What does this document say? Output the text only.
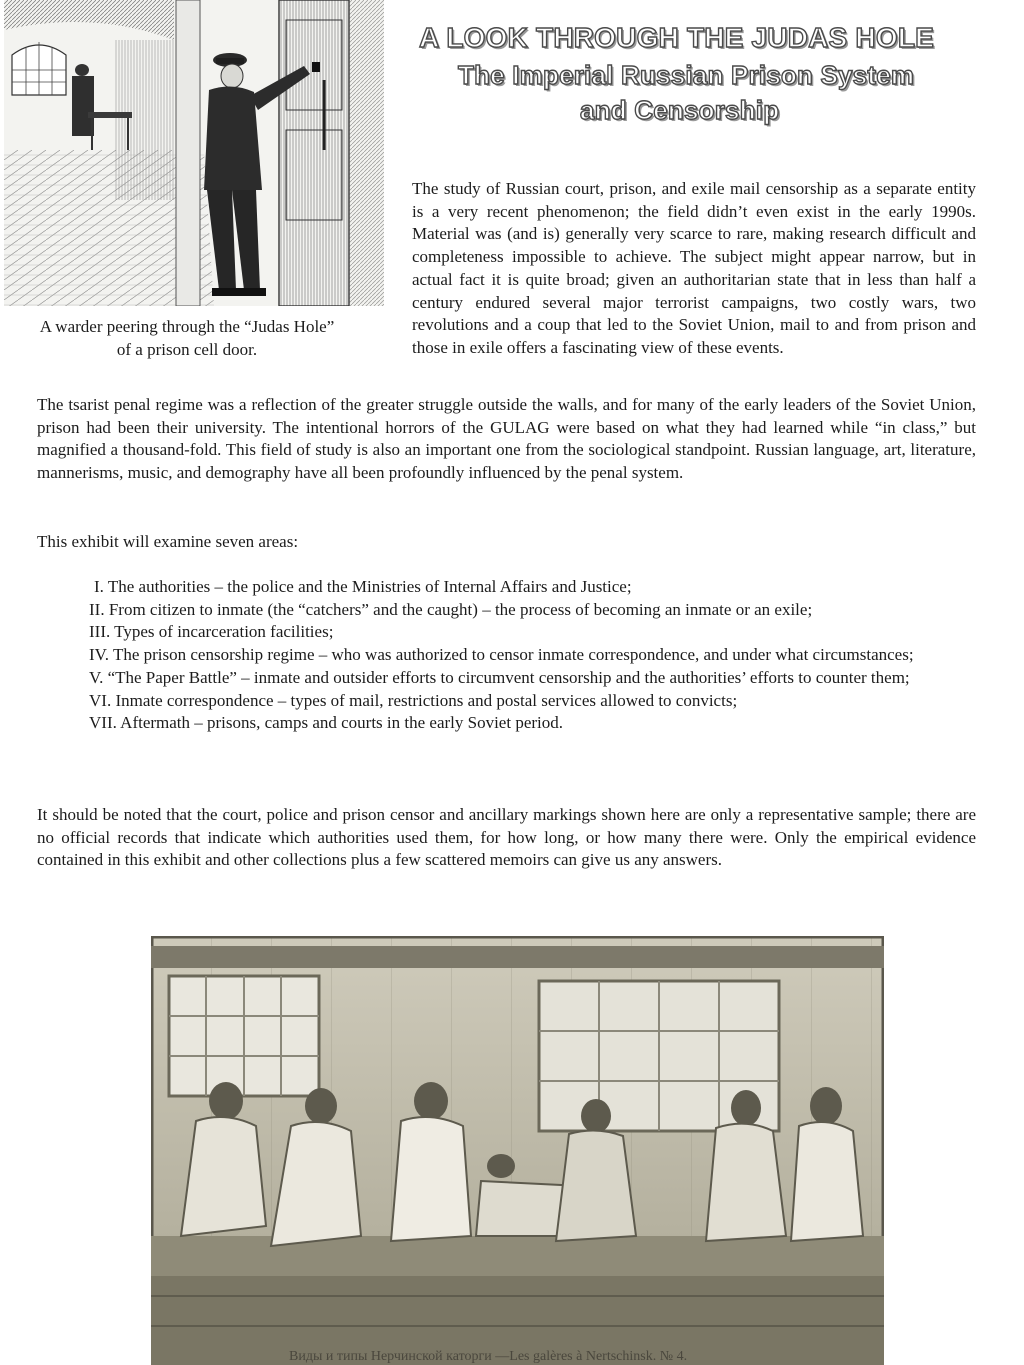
A warder peering through the “Judas Hole”
of a prison cell door.
A LOOK THROUGH THE JUDAS HOLE
The Imperial Russian Prison System
and Censorship

The study of Russian court, prison, and exile mail censorship as a separate entity is a very recent phenomenon; the field didn’t even exist in the early 1990s. Material was (and is) generally very scarce to rare, making research difficult and completeness impossible to achieve. The subject might appear narrow, but in actual fact it is quite broad; given an authoritarian state that in less than half a century endured several major terrorist campaigns, two costly wars, two revolutions and a coup that led to the Soviet Union, mail to and from prison and those in exile offers a fascinating view of these events.

The tsarist penal regime was a reflection of the greater struggle outside the walls, and for many of the early leaders of the Soviet Union, prison had been their university. The intentional horrors of the GULAG were based on what they had learned while “in class,” but magnified a thousand-fold. This field of study is also an important one from the sociological standpoint. Russian language, art, literature, mannerisms, music, and demography have all been profoundly influenced by the penal system.

This exhibit will examine seven areas:

I. The authorities – the police and the Ministries of Internal Affairs and Justice;
II. From citizen to inmate (the “catchers” and the caught) – the process of becoming an inmate or an exile;
III. Types of incarceration facilities;
IV. The prison censorship regime – who was authorized to censor inmate correspondence, and under what circumstances;
V. “The Paper Battle” – inmate and outsider efforts to circumvent censorship and the authorities’ efforts to counter them;
VI. Inmate correspondence – types of mail, restrictions and postal services allowed to convicts;
VII. Aftermath – prisons, camps and courts in the early Soviet period.

It should be noted that the court, police and prison censor and ancillary markings shown here are only a representative sample; there are no official records that indicate which authorities used them, for how long, or how many there were. Only the empirical evidence contained in this exhibit and other collections plus a few scattered memoirs can give us any answers.

Виды и типы Нерчинской каторги —Les galères à Nertschinsk. № 4.
